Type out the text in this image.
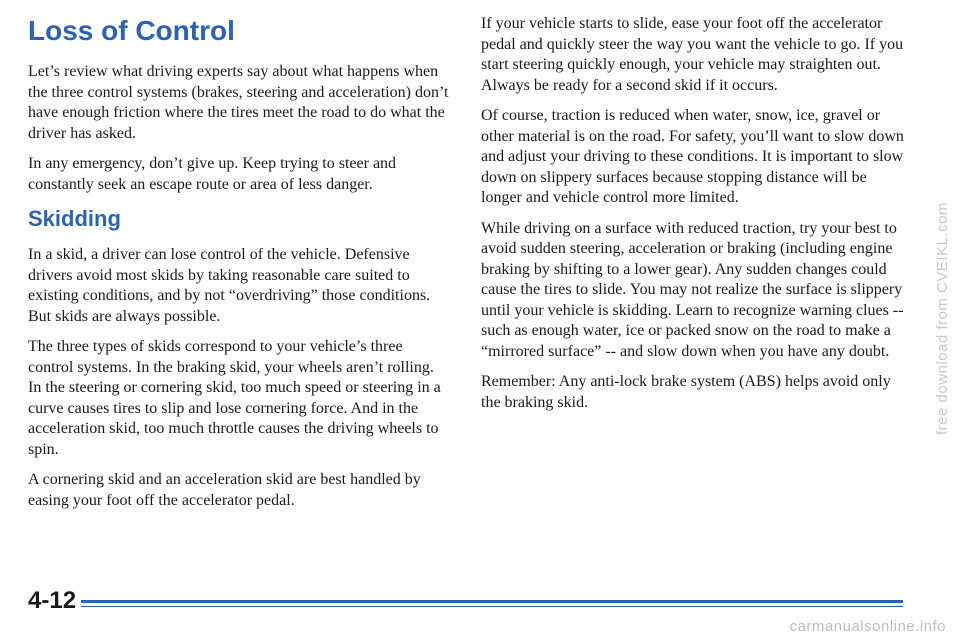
Loss of Control

Let’s review what driving experts say about what happens when the three control systems (brakes, steering and acceleration) don’t have enough friction where the tires meet the road to do what the driver has asked.

In any emergency, don’t give up. Keep trying to steer and constantly seek an escape route or area of less danger.

Skidding

In a skid, a driver can lose control of the vehicle. Defensive drivers avoid most skids by taking reasonable care suited to existing conditions, and by not “overdriving” those conditions. But skids are always possible.

The three types of skids correspond to your vehicle’s three control systems. In the braking skid, your wheels aren’t rolling. In the steering or cornering skid, too much speed or steering in a curve causes tires to slip and lose cornering force. And in the acceleration skid, too much throttle causes the driving wheels to spin.

A cornering skid and an acceleration skid are best handled by easing your foot off the accelerator pedal.

If your vehicle starts to slide, ease your foot off the accelerator pedal and quickly steer the way you want the vehicle to go. If you start steering quickly enough, your vehicle may straighten out. Always be ready for a second skid if it occurs.

Of course, traction is reduced when water, snow, ice, gravel or other material is on the road. For safety, you’ll want to slow down and adjust your driving to these conditions. It is important to slow down on slippery surfaces because stopping distance will be longer and vehicle control more limited.

While driving on a surface with reduced traction, try your best to avoid sudden steering, acceleration or braking (including engine braking by shifting to a lower gear). Any sudden changes could cause the tires to slide. You may not realize the surface is slippery until your vehicle is skidding. Learn to recognize warning clues -- such as enough water, ice or packed snow on the road to make a “mirrored surface” -- and slow down when you have any doubt.

Remember: Any anti-lock brake system (ABS) helps avoid only the braking skid.

4-12
free download from CVEIKL.com
carmanualsonline.info
